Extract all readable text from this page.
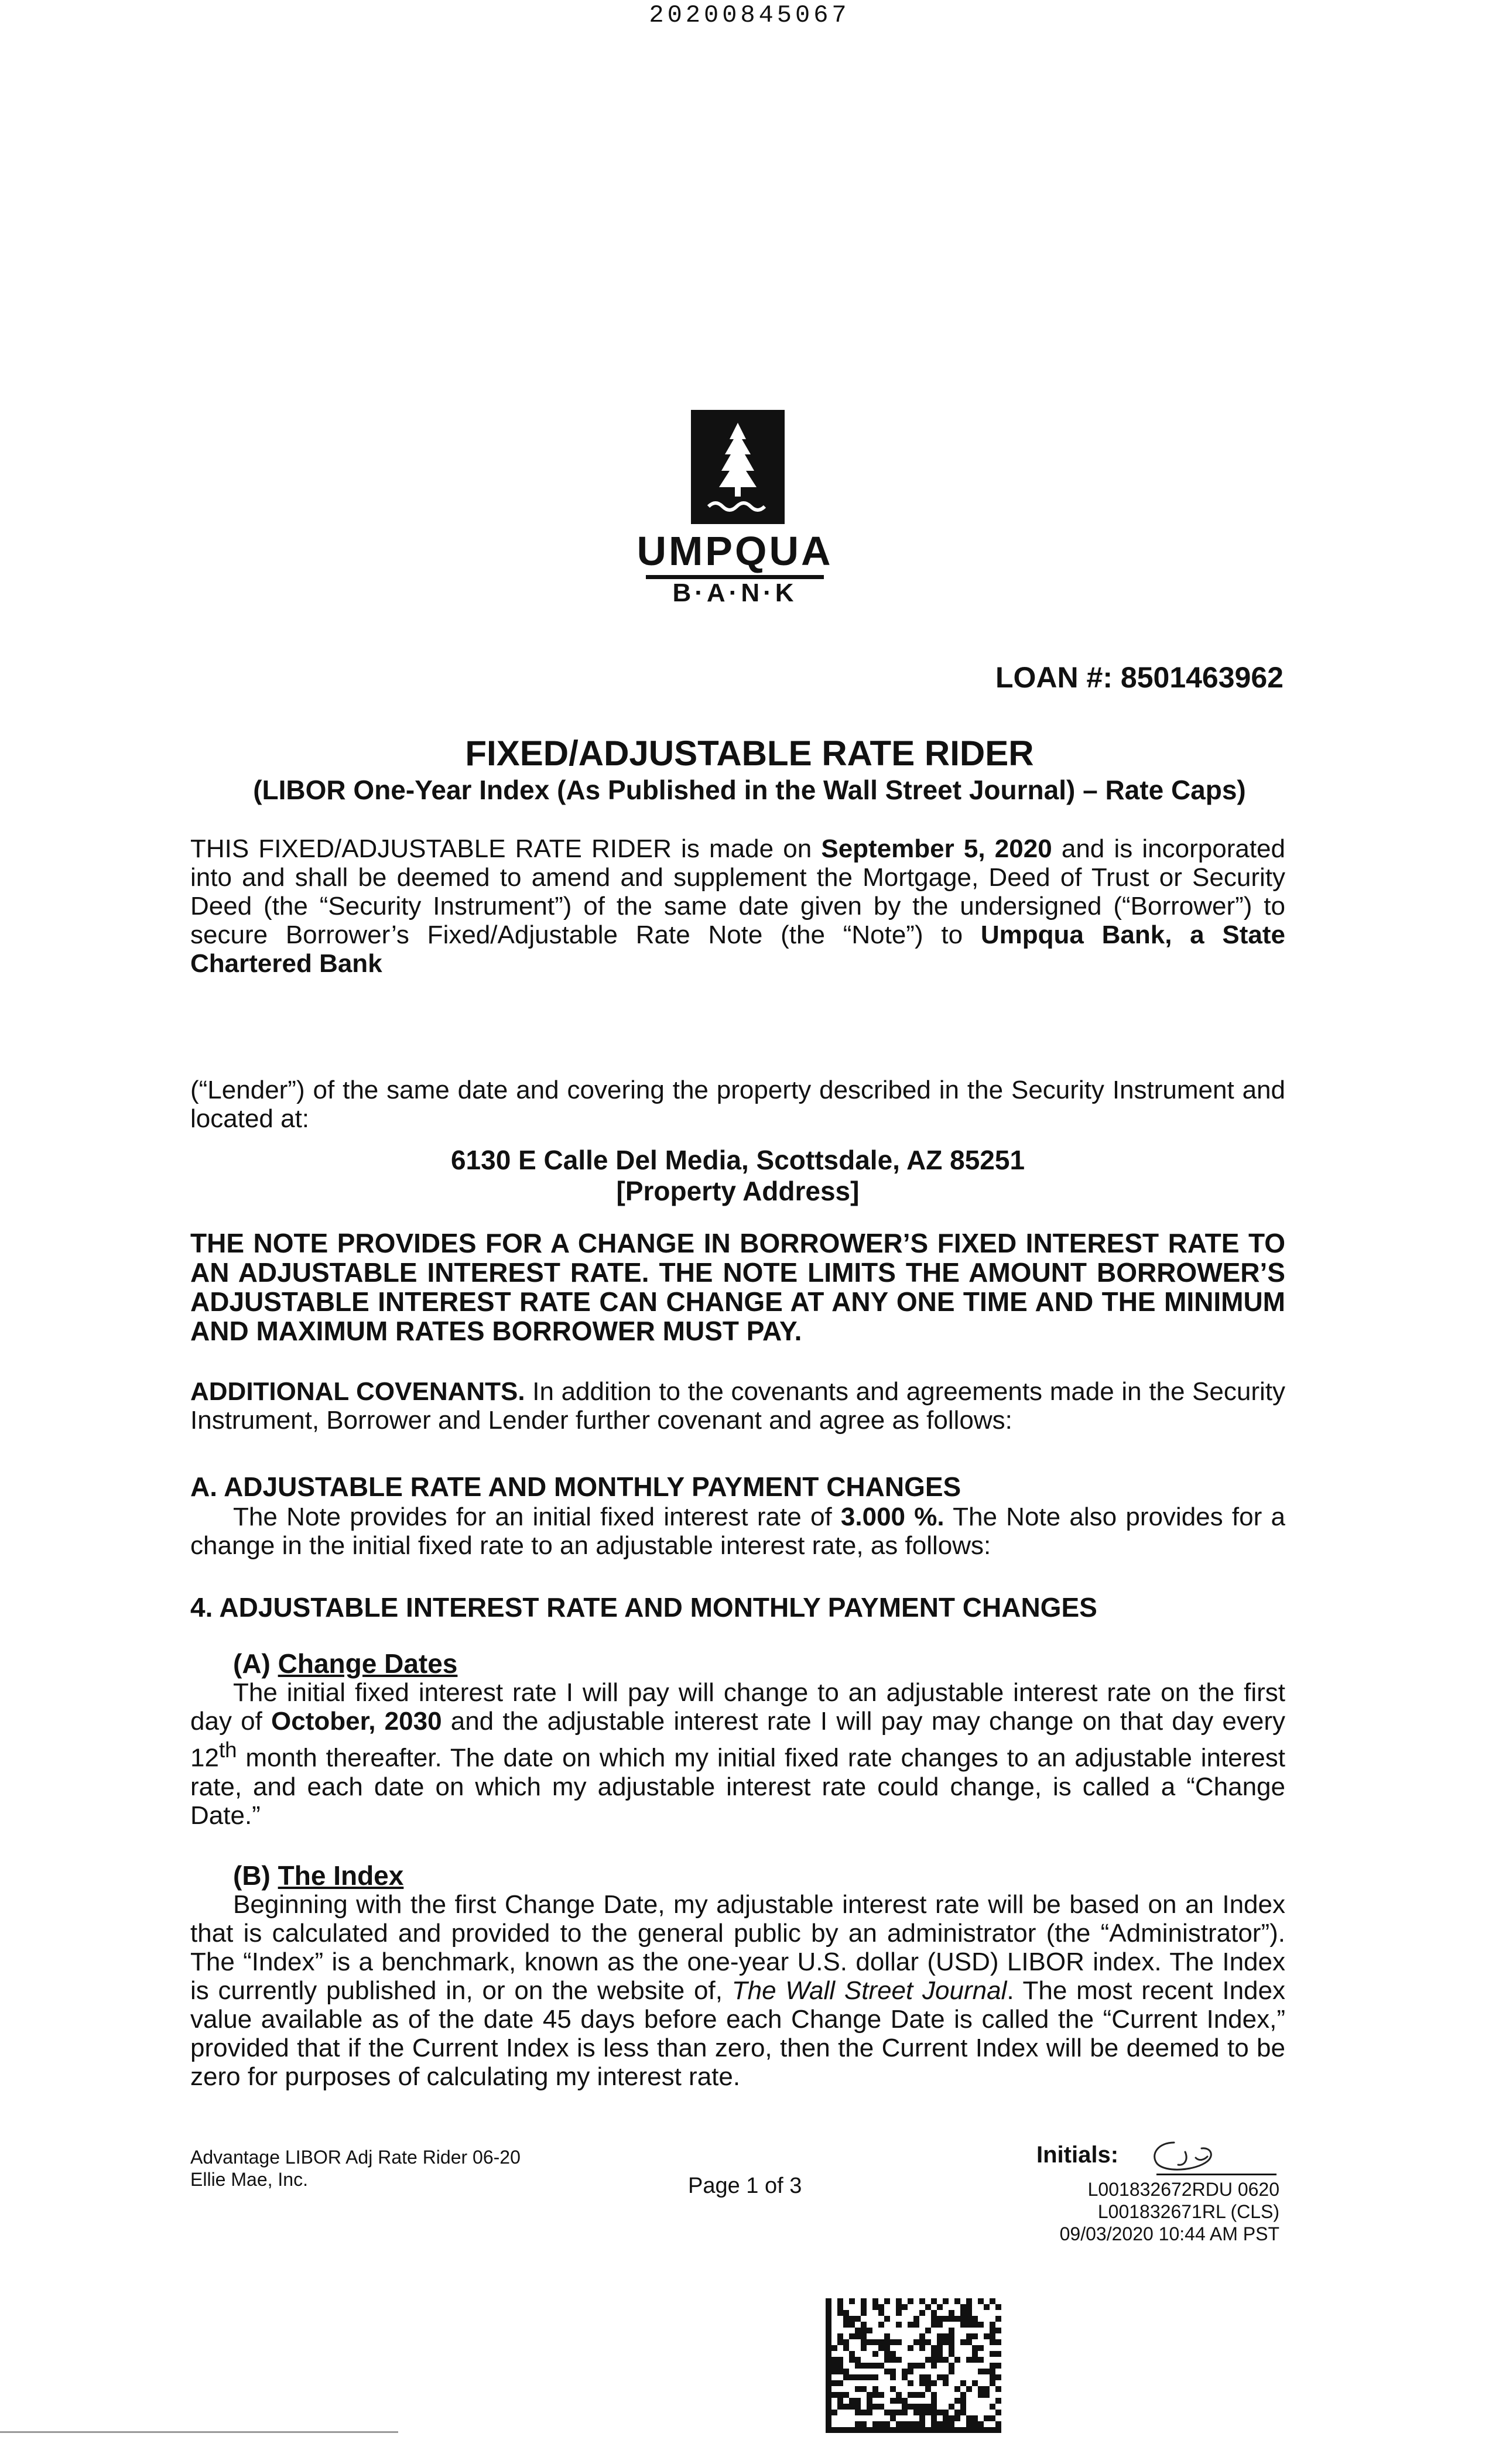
20200845067
UMPQUA
B·A·N·K
LOAN #: 8501463962
FIXED/ADJUSTABLE RATE RIDER
(LIBOR One-Year Index (As Published in the Wall Street Journal) – Rate Caps)
THIS FIXED/ADJUSTABLE RATE RIDER is made on September 5, 2020 and is incorporated into and shall be deemed to amend and supplement the Mortgage, Deed of Trust or Security Deed (the “Security Instrument”) of the same date given by the undersigned (“Borrower”) to secure Borrower’s Fixed/Adjustable Rate Note (the “Note”) to Umpqua Bank, a State Chartered Bank
(“Lender”) of the same date and covering the property described in the Security Instrument and located at:
6130 E Calle Del Media, Scottsdale, AZ 85251
[Property Address]
THE NOTE PROVIDES FOR A CHANGE IN BORROWER’S FIXED INTEREST RATE TO AN ADJUSTABLE INTEREST RATE. THE NOTE LIMITS THE AMOUNT BORROWER’S ADJUSTABLE INTEREST RATE CAN CHANGE AT ANY ONE TIME AND THE MINIMUM AND MAXIMUM RATES BORROWER MUST PAY.
ADDITIONAL COVENANTS. In addition to the covenants and agreements made in the Security Instrument, Borrower and Lender further covenant and agree as follows:
A. ADJUSTABLE RATE AND MONTHLY PAYMENT CHANGES
The Note provides for an initial fixed interest rate of 3.000 %. The Note also provides for a change in the initial fixed rate to an adjustable interest rate, as follows:
4. ADJUSTABLE INTEREST RATE AND MONTHLY PAYMENT CHANGES
(A) Change Dates
The initial fixed interest rate I will pay will change to an adjustable interest rate on the first day of October, 2030 and the adjustable interest rate I will pay may change on that day every 12th month thereafter. The date on which my initial fixed rate changes to an adjustable interest rate, and each date on which my adjustable interest rate could change, is called a “Change Date.”
(B) The Index
Beginning with the first Change Date, my adjustable interest rate will be based on an Index that is calculated and provided to the general public by an administrator (the “Administrator”). The “Index” is a benchmark, known as the one-year U.S. dollar (USD) LIBOR index. The Index is currently published in, or on the website of, The Wall Street Journal. The most recent Index value available as of the date 45 days before each Change Date is called the “Current Index,” provided that if the Current Index is less than zero, then the Current Index will be deemed to be zero for purposes of calculating my interest rate.
Advantage LIBOR Adj Rate Rider 06-20
Ellie Mae, Inc.	Page 1 of 3
Initials:
L001832672RDU 0620
L001832671RL (CLS)
09/03/2020 10:44 AM PST
